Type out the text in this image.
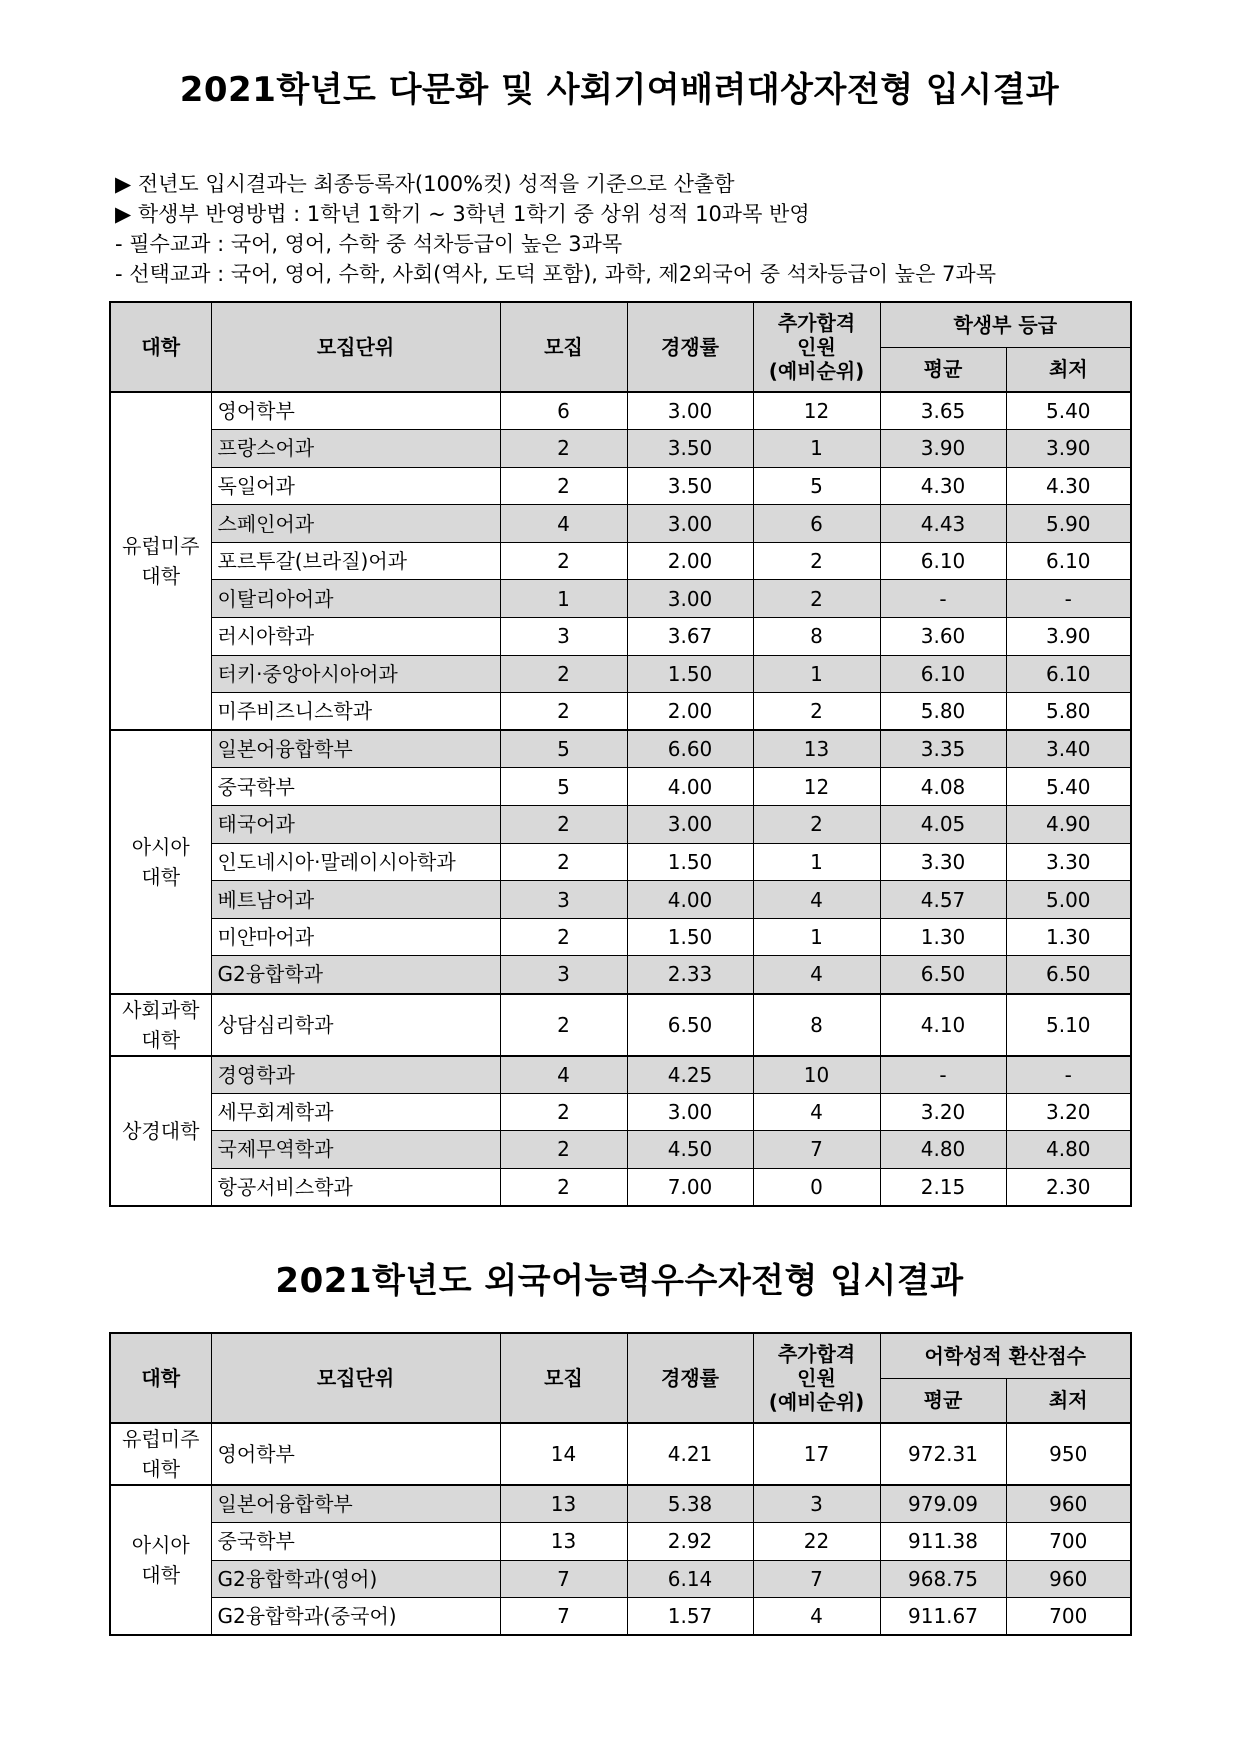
2021학년도 다문화 및 사회기여배려대상자전형 입시결과
▶ 전년도 입시결과는 최종등록자(100%컷) 성적을 기준으로 산출함
▶ 학생부 반영방법 : 1학년 1학기 ~ 3학년 1학기 중 상위 성적 10과목 반영
- 필수교과 : 국어, 영어, 수학 중 석차등급이 높은 3과목
- 선택교과 : 국어, 영어, 수학, 사회(역사, 도덕 포함), 과학, 제2외국어 중 석차등급이 높은 7과목
대학	모집단위	모집	경쟁률	추가합격
인원
(예비순위)	학생부 등급	
					평균	최저

유럽미주
대학	영어학부	6	3.00	12	3.65	5.40
	프랑스어과	2	3.50	1	3.90	3.90
	독일어과	2	3.50	5	4.30	4.30
	스페인어과	4	3.00	6	4.43	5.90
	포르투갈(브라질)어과	2	2.00	2	6.10	6.10
	이탈리아어과	1	3.00	2	-	-
	러시아학과	3	3.67	8	3.60	3.90
	터키·중앙아시아어과	2	1.50	1	6.10	6.10
	미주비즈니스학과	2	2.00	2	5.80	5.80

아시아
대학	일본어융합학부	5	6.60	13	3.35	3.40
	중국학부	5	4.00	12	4.08	5.40
	태국어과	2	3.00	2	4.05	4.90
	인도네시아·말레이시아학과	2	1.50	1	3.30	3.30
	베트남어과	3	4.00	4	4.57	5.00
	미얀마어과	2	1.50	1	1.30	1.30
	G2융합학과	3	2.33	4	6.50	6.50

사회과학
대학	상담심리학과	2	6.50	8	4.10	5.10

상경대학	경영학과	4	4.25	10	-	-
	세무회계학과	2	3.00	4	3.20	3.20
	국제무역학과	2	4.50	7	4.80	4.80
	항공서비스학과	2	7.00	0	2.15	2.30
2021학년도 외국어능력우수자전형 입시결과
대학	모집단위	모집	경쟁률	추가합격
인원
(예비순위)	어학성적 환산점수	
					평균	최저

유럽미주
대학	영어학부	14	4.21	17	972.31	950

아시아
대학	일본어융합학부	13	5.38	3	979.09	960
	중국학부	13	2.92	22	911.38	700
	G2융합학과(영어)	7	6.14	7	968.75	960
	G2융합학과(중국어)	7	1.57	4	911.67	700
